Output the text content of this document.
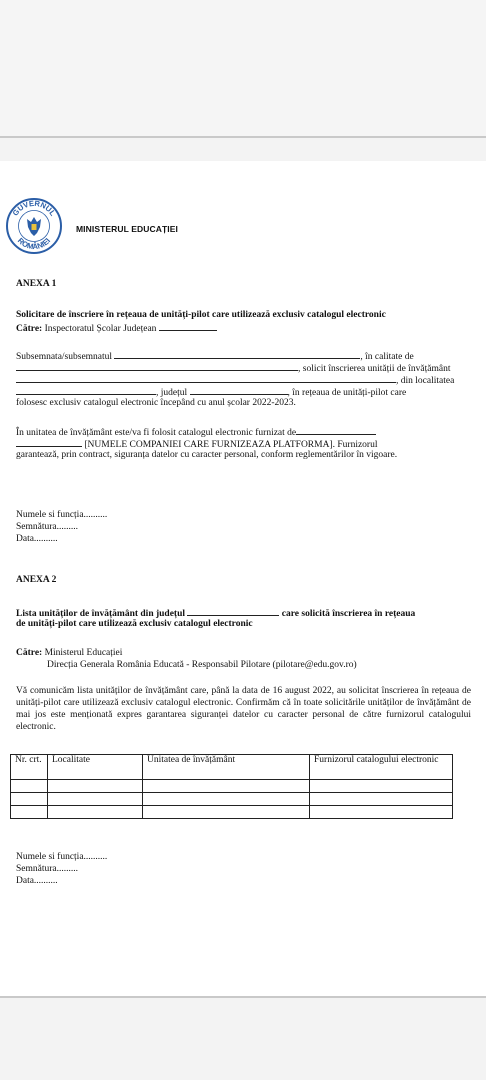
GUVERNUL
ROMÂNIEI
MINISTERUL EDUCAȚIEI
ANEXA 1
Solicitare de înscriere în rețeaua de unități-pilot care utilizează exclusiv catalogul electronic
Către: Inspectoratul Școlar Județean
Subsemnata/subsemnatul	, în calitate de
, solicit înscrierea unității de învățământ
, din localitatea
, județul	, în rețeaua de unități-pilot care
folosesc exclusiv catalogul electronic începând cu anul școlar 2022-2023.
În unitatea de învățământ este/va fi folosit catalogul electronic furnizat de
[NUMELE COMPANIEI CARE FURNIZEAZA PLATFORMA]. Furnizorul
garantează, prin contract, siguranța datelor cu caracter personal, conform reglementărilor în vigoare.
Numele si funcția..........
Semnătura.........
Data..........
ANEXA 2
Lista unităților de învățământ din județul	care solicită înscrierea în rețeaua
de unități-pilot care utilizează exclusiv catalogul electronic
Către: Ministerul Educației
Direcția Generala România Educată - Responsabil Pilotare (pilotare@edu.gov.ro)
Vă comunicăm lista unităților de învățământ care, până la data de 16 august 2022, au solicitat înscrierea în rețeaua de unități-pilot care utilizează exclusiv catalogul electronic. Confirmăm că în toate solicitările unităților de învățământ de mai jos este menționată expres garantarea siguranței datelor cu caracter personal de către furnizorul catalogului electronic.
Nr. crt.	Localitate	Unitatea de învățământ	Furnizorul catalogului electronic

Numele si funcția..........
Semnătura.........
Data..........
